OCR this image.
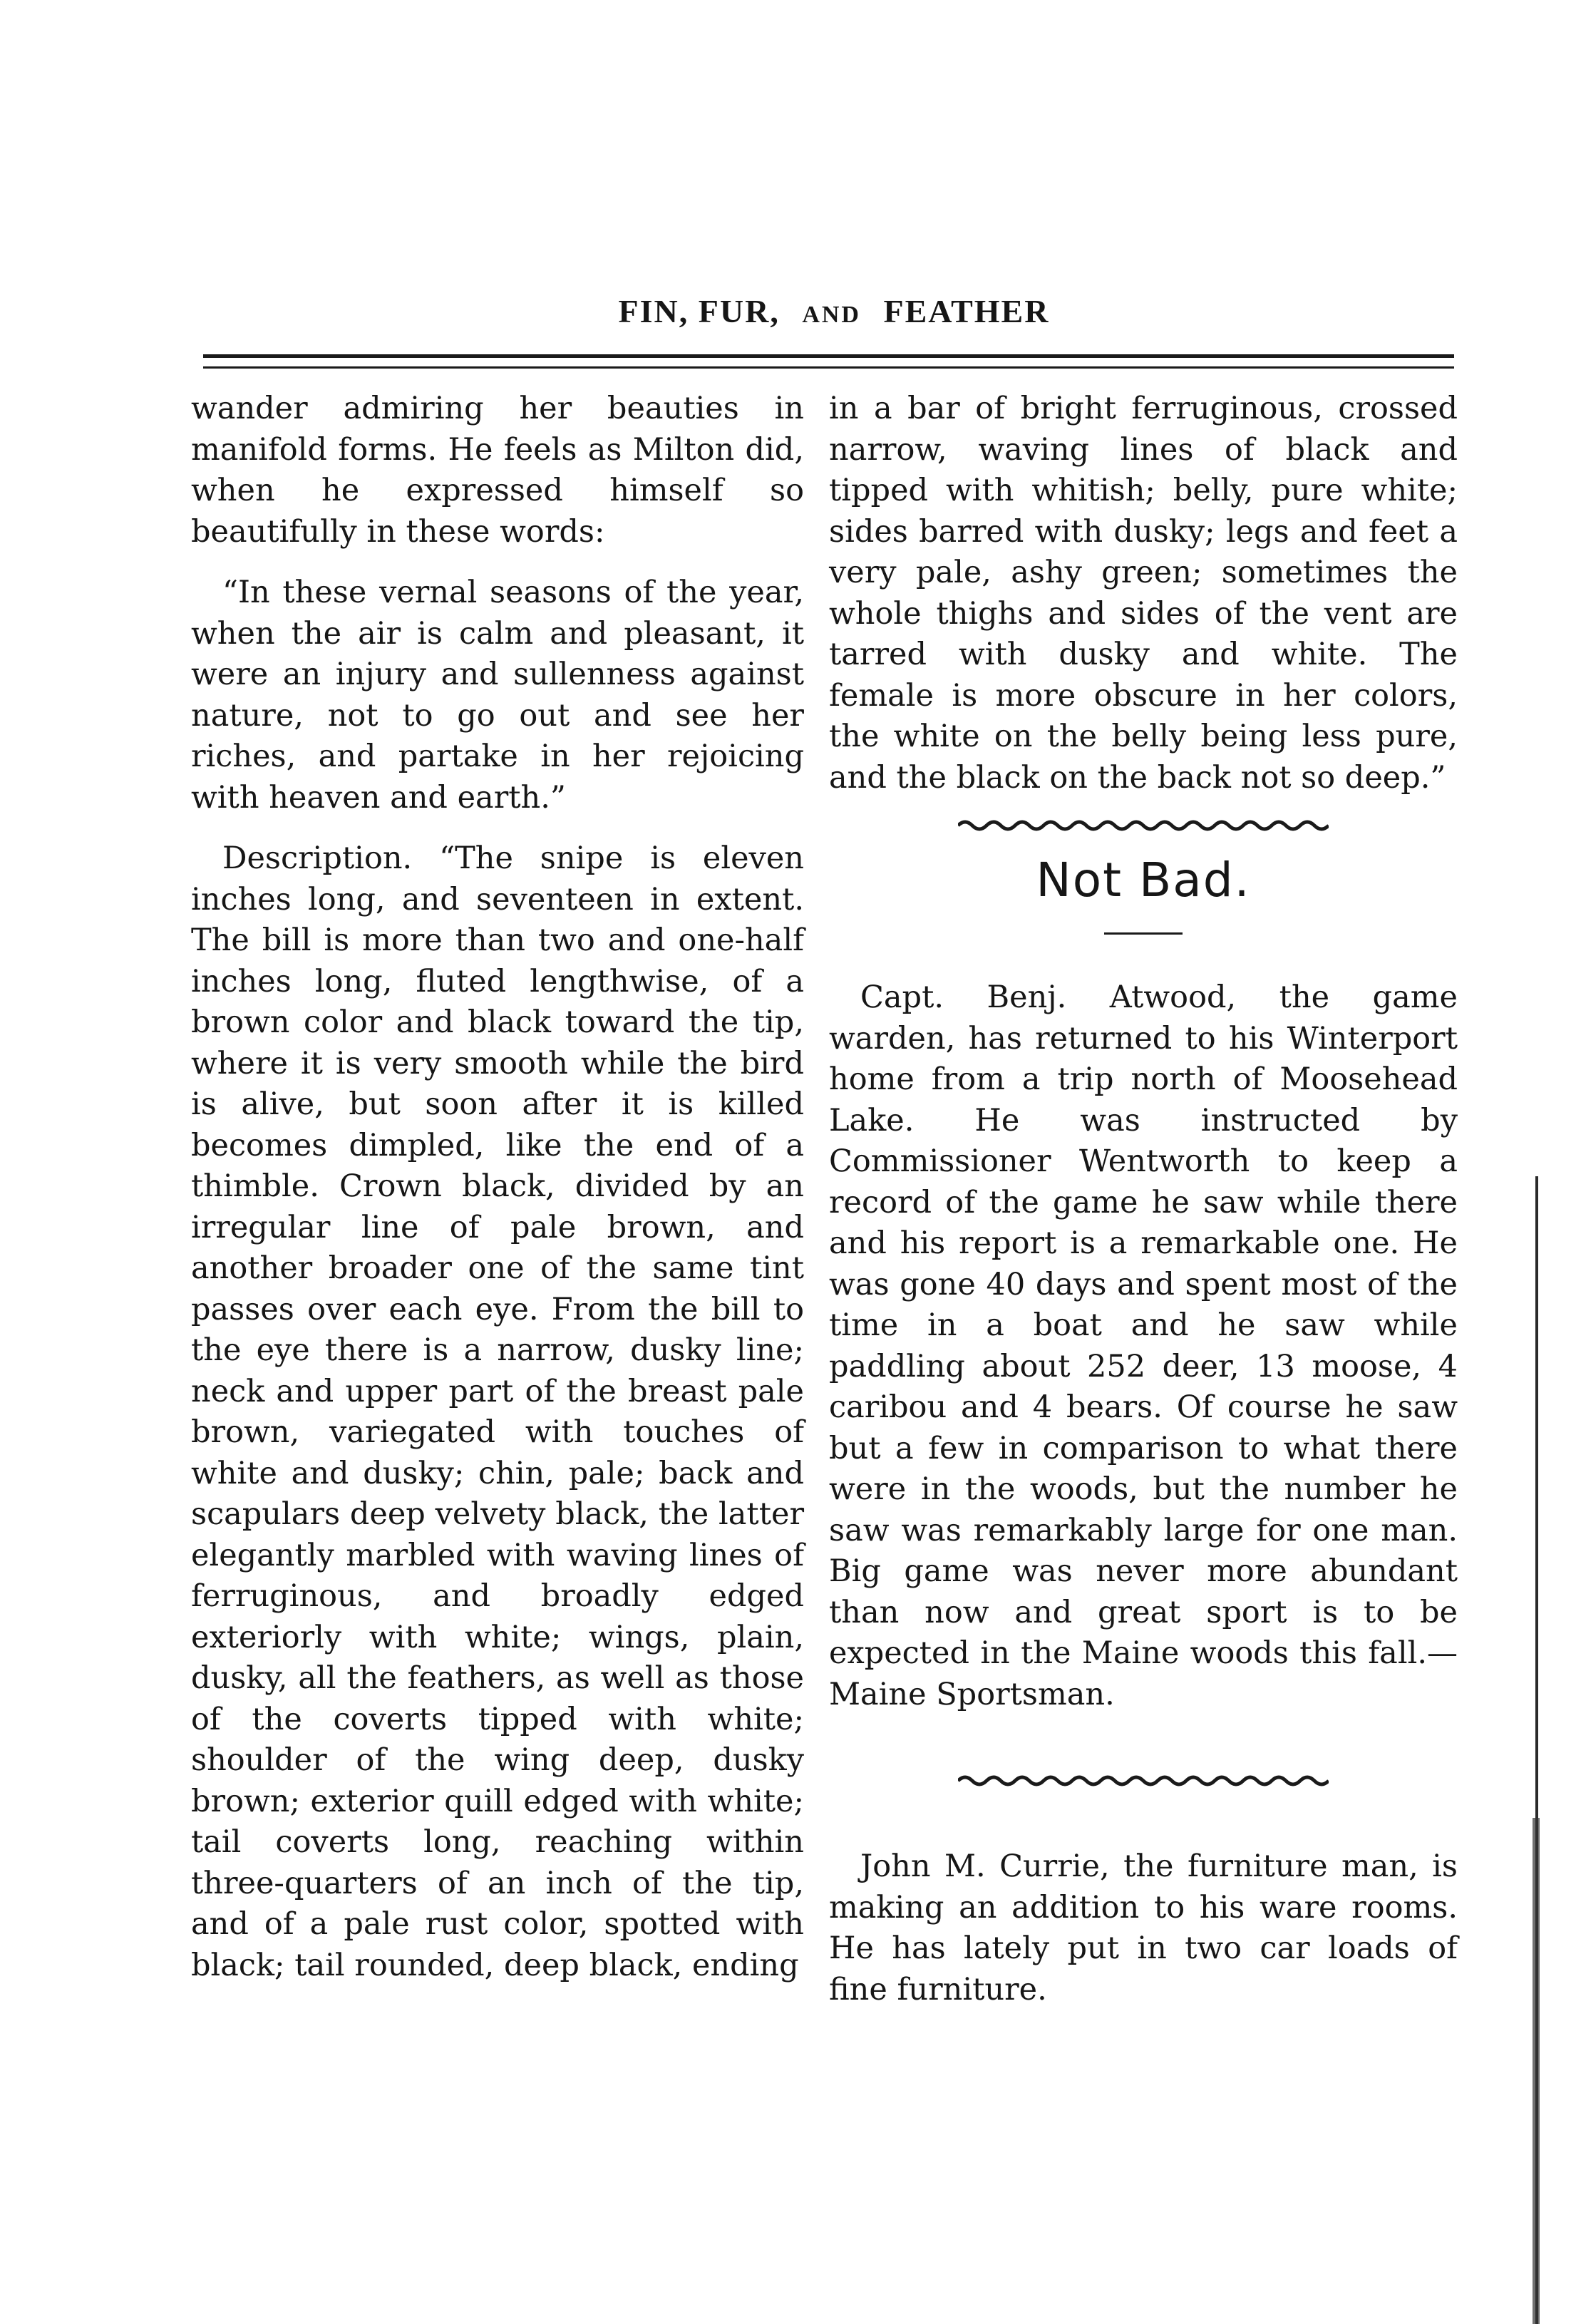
FIN, FUR, AND FEATHER

wander admiring her beauties in manifold forms. He feels as Milton did, when he expressed himself so beautifully in these words:

“In these vernal seasons of the year, when the air is calm and pleasant, it were an injury and sullenness against nature, not to go out and see her riches, and partake in her rejoicing with heaven and earth.”

Description. “The snipe is eleven inches long, and seventeen in extent. The bill is more than two and one-half inches long, fluted lengthwise, of a brown color and black toward the tip, where it is very smooth while the bird is alive, but soon after it is killed becomes dimpled, like the end of a thimble. Crown black, divided by an irregular line of pale brown, and another broader one of the same tint passes over each eye. From the bill to the eye there is a narrow, dusky line; neck and upper part of the breast pale brown, variegated with touches of white and dusky; chin, pale; back and scapulars deep velvety black, the latter elegantly marbled with waving lines of ferruginous, and broadly edged exteriorly with white; wings, plain, dusky, all the feathers, as well as those of the coverts tipped with white; shoulder of the wing deep, dusky brown; exterior quill edged with white; tail coverts long, reaching within three-quarters of an inch of the tip, and of a pale rust color, spotted with black; tail rounded, deep black, ending

in a bar of bright ferruginous, crossed narrow, waving lines of black and tipped with whitish; belly, pure white; sides barred with dusky; legs and feet a very pale, ashy green; sometimes the whole thighs and sides of the vent are tarred with dusky and white. The female is more obscure in her colors, the white on the belly being less pure, and the black on the back not so deep.”

Not Bad.

Capt. Benj. Atwood, the game warden, has returned to his Winterport home from a trip north of Moosehead Lake. He was instructed by Commissioner Wentworth to keep a record of the game he saw while there and his report is a remarkable one. He was gone 40 days and spent most of the time in a boat and he saw while paddling about 252 deer, 13 moose, 4 caribou and 4 bears. Of course he saw but a few in comparison to what there were in the woods, but the number he saw was remarkably large for one man. Big game was never more abundant than now and great sport is to be expected in the Maine woods this fall.—Maine Sportsman.

John M. Currie, the furniture man, is making an addition to his ware rooms. He has lately put in two car loads of fine furniture.
